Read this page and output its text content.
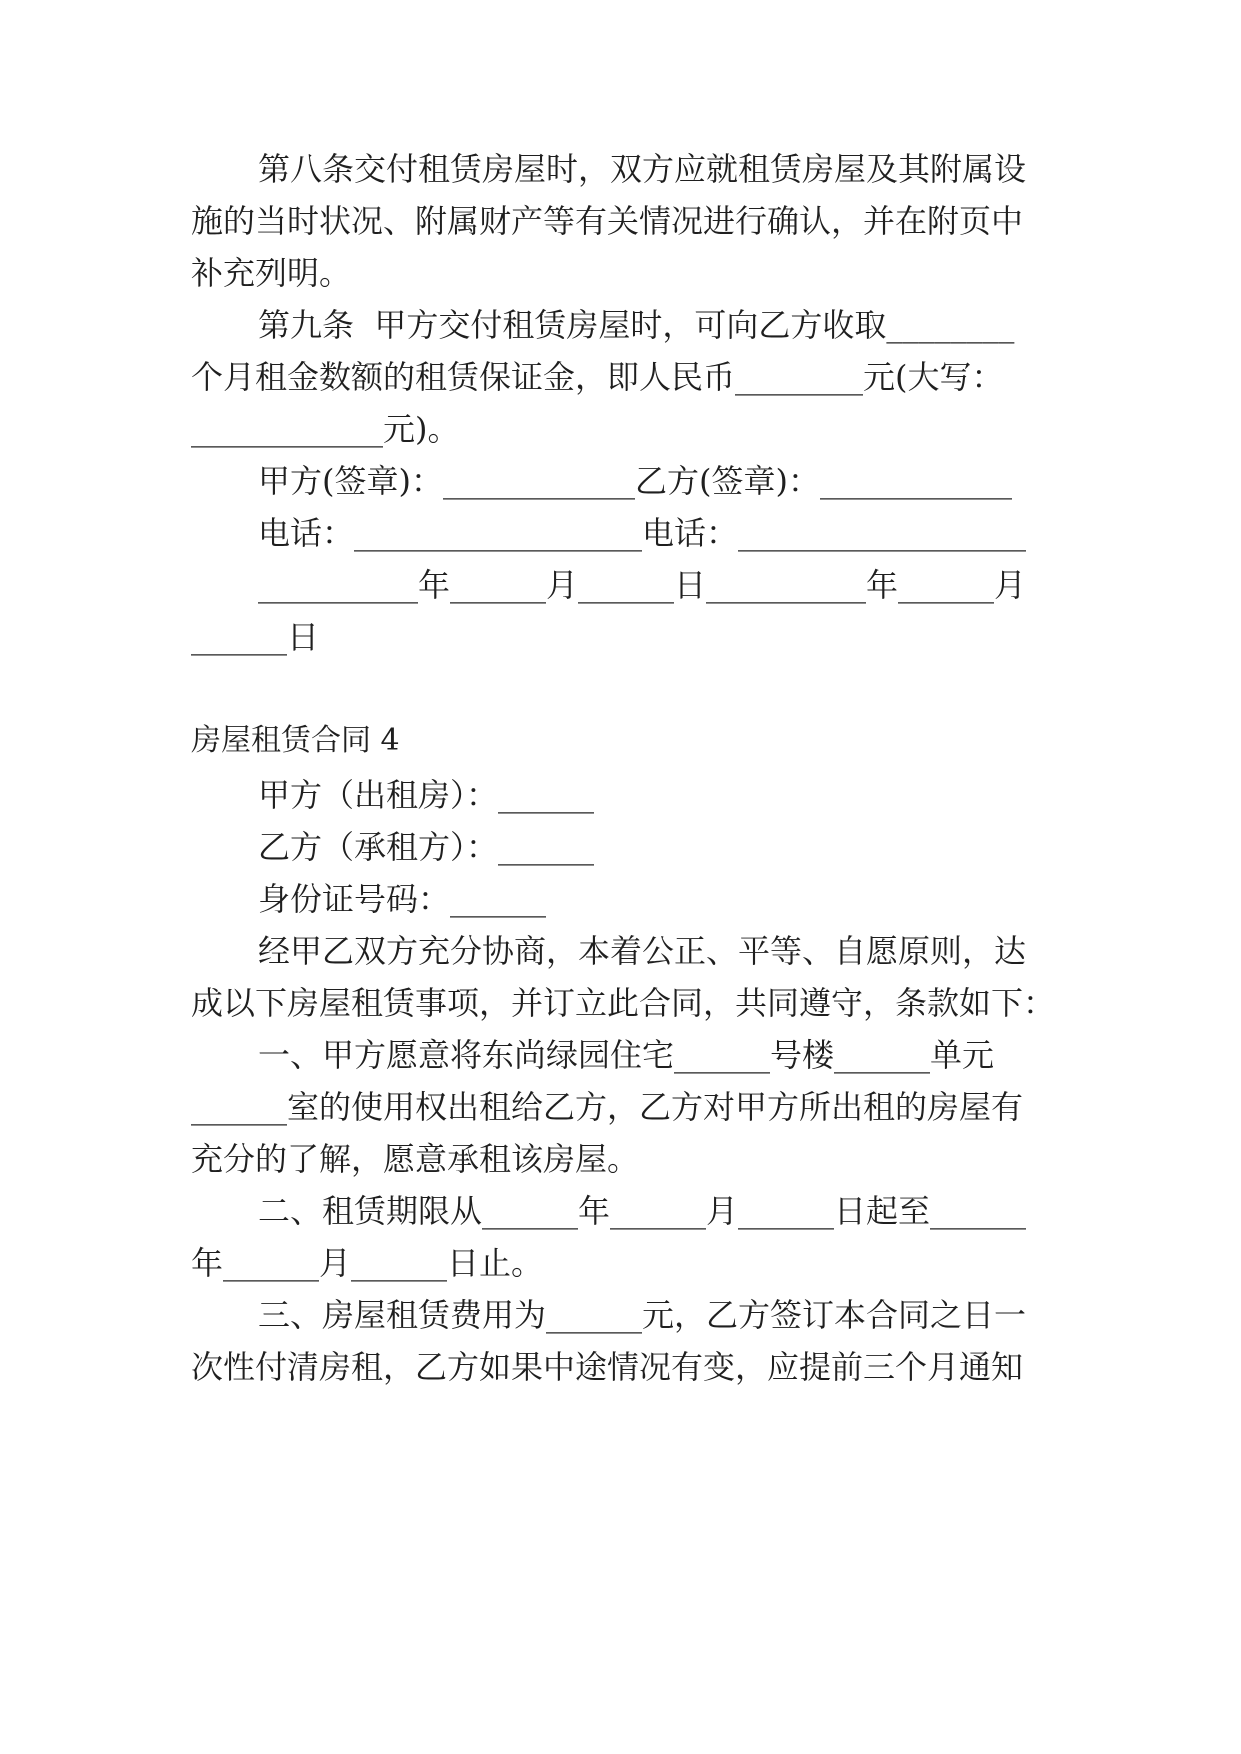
第八条交付租赁房屋时，双方应就租赁房屋及其附属设
施的当时状况、附属财产等有关情况进行确认，并在附页中
补充列明。
第九条  甲方交付租赁房屋时，可向乙方收取________
个月租金数额的租赁保证金，即人民币________元(大写：
____________元)。
甲方(签章)：____________乙方(签章)：____________
电话：__________________电话：__________________
__________年______月______日__________年______月
______日
房屋租赁合同 4
甲方（出租房）：______
乙方（承租方）：______
身份证号码：______
经甲乙双方充分协商，本着公正、平等、自愿原则，达
成以下房屋租赁事项，并订立此合同，共同遵守，条款如下：
一、甲方愿意将东尚绿园住宅______号楼______单元
______室的使用权出租给乙方，乙方对甲方所出租的房屋有
充分的了解，愿意承租该房屋。
二、租赁期限从______年______月______日起至______
年______月______日止。
三、房屋租赁费用为______元，乙方签订本合同之日一
次性付清房租，乙方如果中途情况有变，应提前三个月通知
